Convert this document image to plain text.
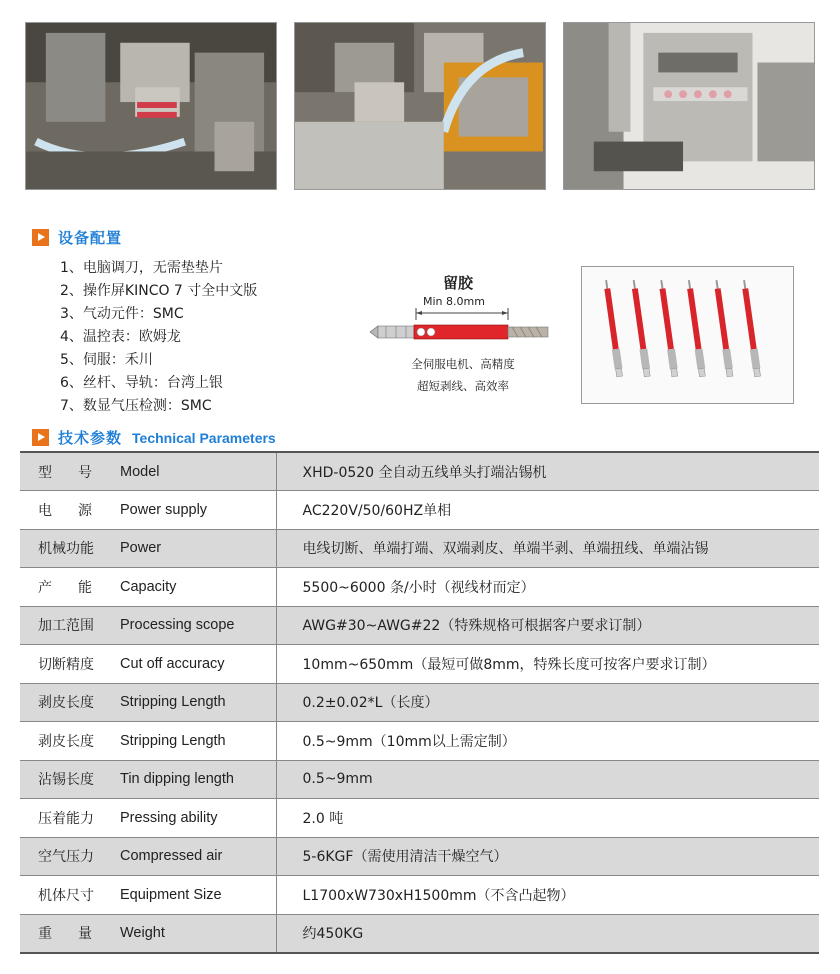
设备配置
1、电脑调刀，无需垫垫片
2、操作屏KINCO 7 寸全中文版
3、气动元件：SMC
4、温控表：欧姆龙
5、伺服：禾川
6、丝杆、导轨：台湾上银
7、数显气压检测：SMC
留胶
Min 8.0mm
全伺服电机、高精度
超短剥线、高效率
技术参数 Technical Parameters
型号	Model	XHD-0520 全自动五线单头打端沾锡机
电源	Power supply	AC220V/50/60HZ单相
机械功能	Power	电线切断、单端打端、双端剥皮、单端半剥、单端扭线、单端沾锡
产能	Capacity	5500~6000 条/小时（视线材而定）
加工范围	Processing scope	AWG#30~AWG#22（特殊规格可根据客户要求订制）
切断精度	Cut off accuracy	10mm~650mm（最短可做8mm，特殊长度可按客户要求订制）
剥皮长度	Stripping Length	0.2±0.02*L（长度）
剥皮长度	Stripping Length	0.5~9mm（10mm以上需定制）
沾锡长度	Tin dipping length	0.5~9mm
压着能力	Pressing ability	2.0 吨
空气压力	Compressed air	5-6KGF（需使用清洁干燥空气）
机体尺寸	Equipment Size	L1700xW730xH1500mm（不含凸起物）
重量	Weight	约450KG
